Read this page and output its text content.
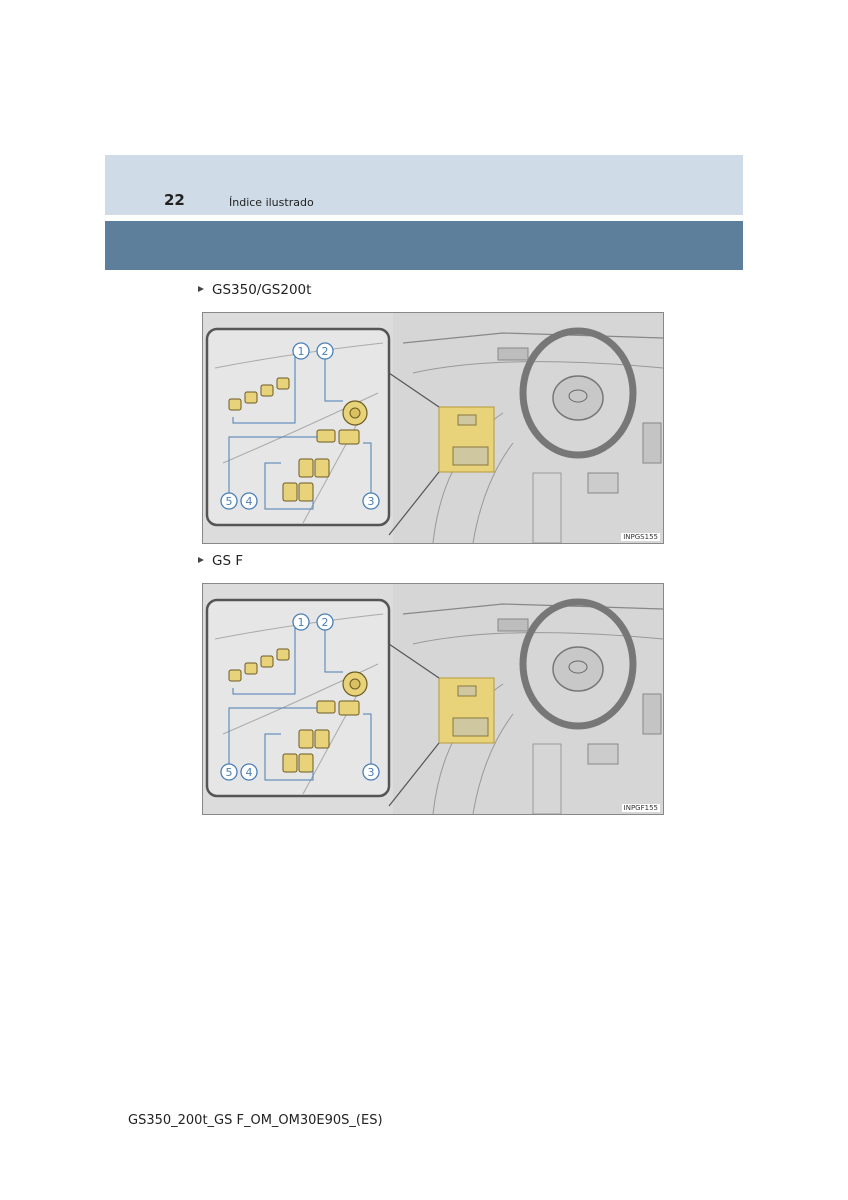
22	Índice ilustrado
GS350/GS200t
1 2
3
4
5
INPGS155
GS F
1 2
3
4
5
INPGF155
GS350_200t_GS F_OM_OM30E90S_(ES)
